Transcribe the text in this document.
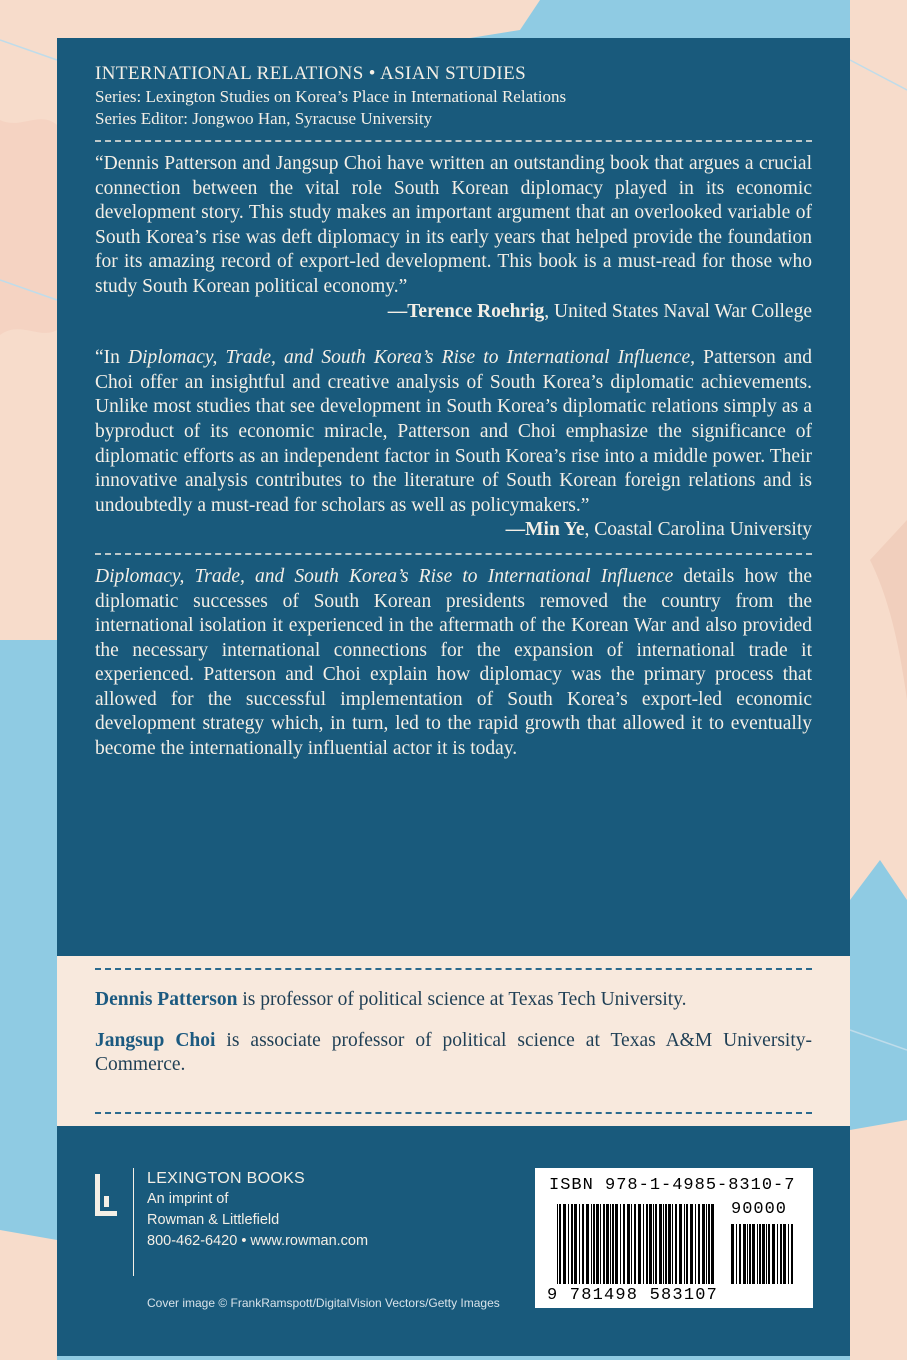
INTERNATIONAL RELATIONS • ASIAN STUDIES
Series: Lexington Studies on Korea’s Place in International Relations
Series Editor: Jongwoo Han, Syracuse University

“Dennis Patterson and Jangsup Choi have written an outstanding book that argues a crucial connection between the vital role South Korean diplomacy played in its economic development story. This study makes an important argument that an overlooked variable of South Korea’s rise was deft diplomacy in its early years that helped provide the foundation for its amazing record of export-led development. This book is a must-read for those who study South Korean political economy.”

—Terence Roehrig, United States Naval War College

“In Diplomacy, Trade, and South Korea’s Rise to International Influence, Patterson and Choi offer an insightful and creative analysis of South Korea’s diplomatic achievements. Unlike most studies that see development in South Korea’s diplomatic relations simply as a byproduct of its economic miracle, Patterson and Choi emphasize the significance of diplomatic efforts as an independent factor in South Korea’s rise into a middle power. Their innovative analysis contributes to the literature of South Korean foreign relations and is undoubtedly a must-read for scholars as well as policymakers.”

—Min Ye, Coastal Carolina University

Diplomacy, Trade, and South Korea’s Rise to International Influence details how the diplomatic successes of South Korean presidents removed the country from the international isolation it experienced in the aftermath of the Korean War and also provided the necessary international connections for the expansion of international trade it experienced. Patterson and Choi explain how diplomacy was the primary process that allowed for the successful implementation of South Korea’s export-led economic development strategy which, in turn, led to the rapid growth that allowed it to eventually become the internationally influential actor it is today.

Dennis Patterson is professor of political science at Texas Tech University.

Jangsup Choi is associate professor of political science at Texas A&M University-Commerce.

LEXINGTON BOOKS
An imprint of
Rowman & Littlefield
800-462-6420 • www.rowman.com
Cover image © FrankRamspott/DigitalVision Vectors/Getty Images
ISBN 978-1-4985-8310-7
90000
9 781498 583107
